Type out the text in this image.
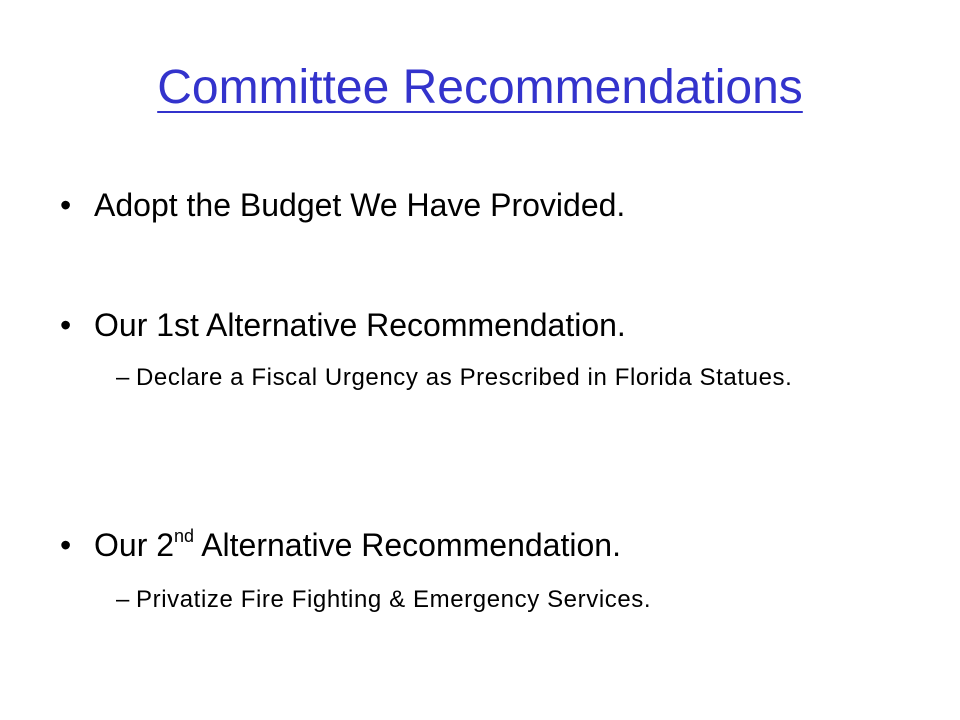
Committee Recommendations
• Adopt the Budget We Have Provided.
• Our 1st Alternative Recommendation.
– Declare a Fiscal Urgency as Prescribed in Florida Statues.
• Our 2nd Alternative Recommendation.
– Privatize Fire Fighting & Emergency Services.
